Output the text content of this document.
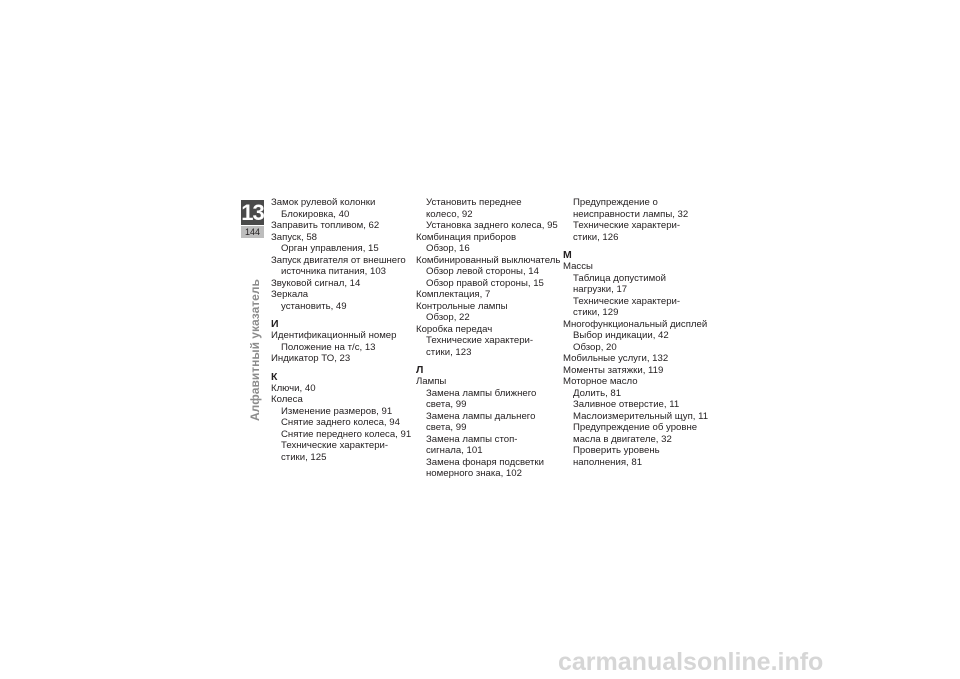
13
144
Алфавитный указатель
Замок рулевой колонки
Блокировка, 40
Заправить топливом, 62
Запуск, 58
Орган управления, 15
Запуск двигателя от внешнего
источника питания, 103
Звуковой сигнал, 14
Зеркала
установить, 49
И
Идентификационный номер
Положение на т/с, 13
Индикатор ТО, 23
К
Ключи, 40
Колеса
Изменение размеров, 91
Снятие заднего колеса, 94
Снятие переднего колеса, 91
Технические характери-
стики, 125
Установить переднее
колесо, 92
Установка заднего колеса, 95
Комбинация приборов
Обзор, 16
Комбинированный выключатель
Обзор левой стороны, 14
Обзор правой стороны, 15
Комплектация, 7
Контрольные лампы
Обзор, 22
Коробка передач
Технические характери-
стики, 123
Л
Лампы
Замена лампы ближнего
света, 99
Замена лампы дальнего
света, 99
Замена лампы стоп-
сигнала, 101
Замена фонаря подсветки
номерного знака, 102
Предупреждение о
неисправности лампы, 32
Технические характери-
стики, 126
М
Массы
Таблица допустимой
нагрузки, 17
Технические характери-
стики, 129
Многофункциональный дисплей
Выбор индикации, 42
Обзор, 20
Мобильные услуги, 132
Моменты затяжки, 119
Моторное масло
Долить, 81
Заливное отверстие, 11
Маслоизмерительный щуп, 11
Предупреждение об уровне
масла в двигателе, 32
Проверить уровень
наполнения, 81
carmanualsonline.info
